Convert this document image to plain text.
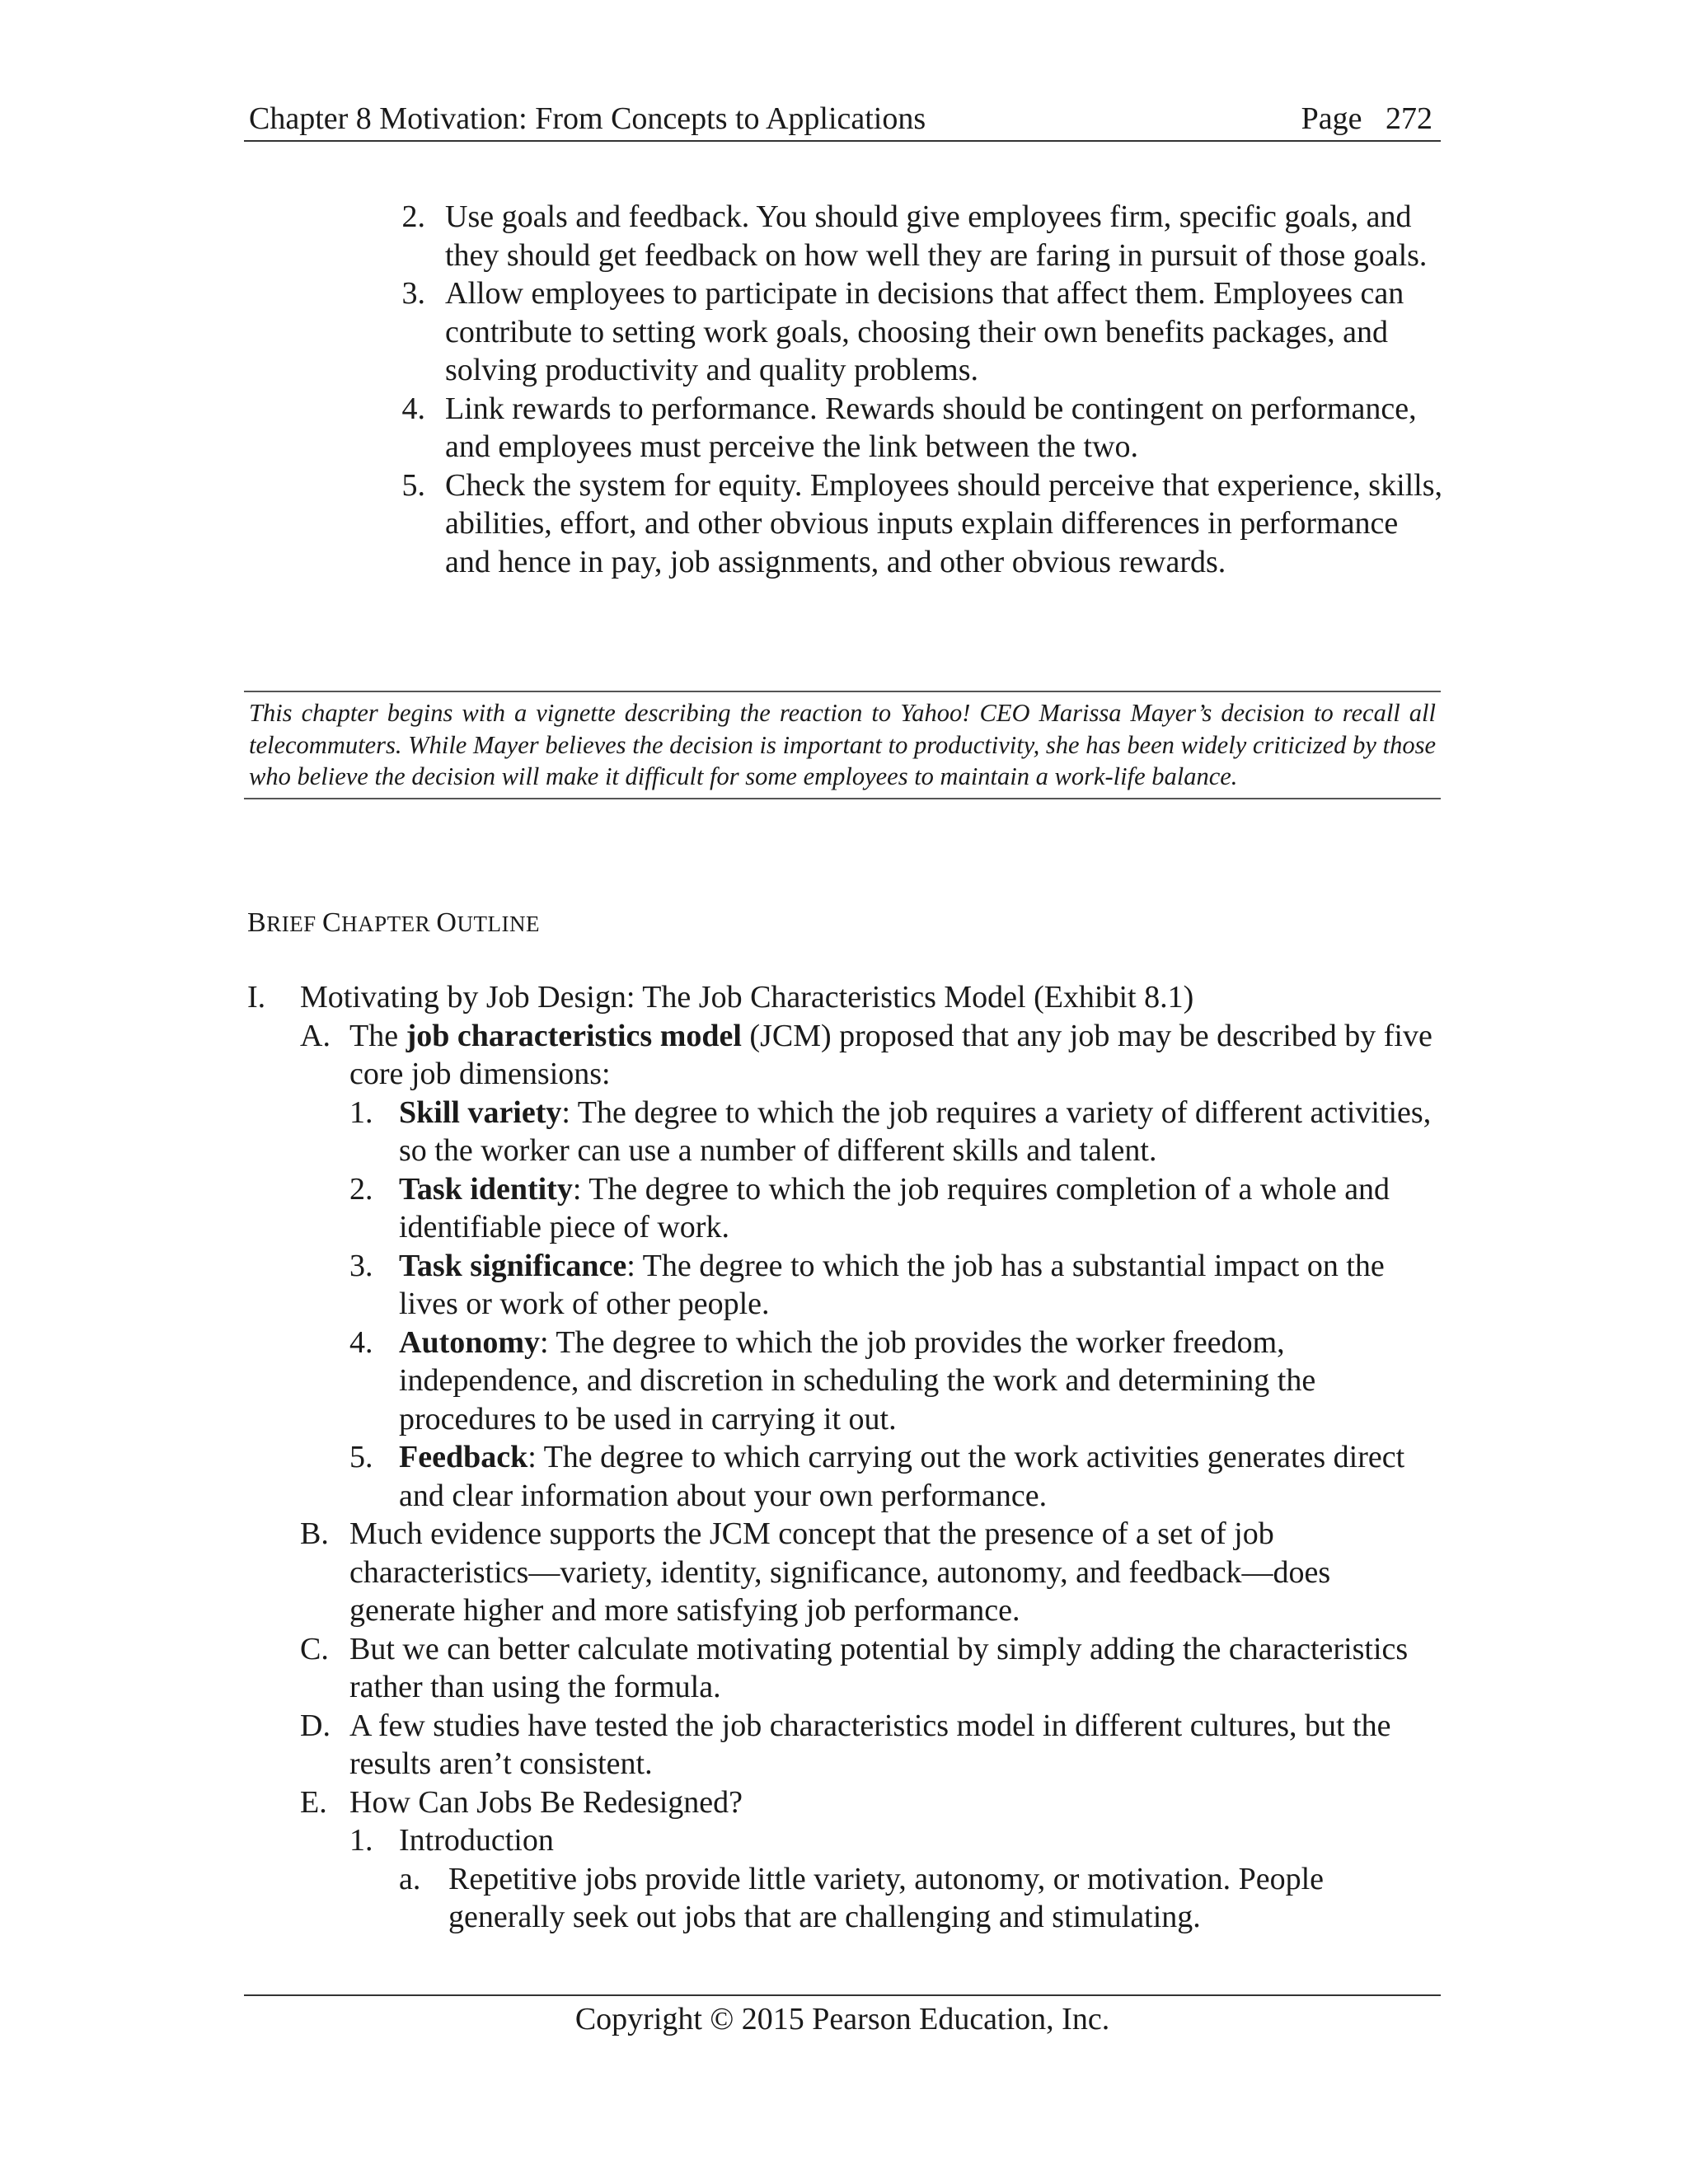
Chapter 8 Motivation: From Concepts to Applications	Page   272
2. Use goals and feedback. You should give employees firm, specific goals, and they should get feedback on how well they are faring in pursuit of those goals.
3. Allow employees to participate in decisions that affect them. Employees can contribute to setting work goals, choosing their own benefits packages, and solving productivity and quality problems.
4. Link rewards to performance. Rewards should be contingent on performance, and employees must perceive the link between the two.
5. Check the system for equity. Employees should perceive that experience, skills, abilities, effort, and other obvious inputs explain differences in performance and hence in pay, job assignments, and other obvious rewards.
This chapter begins with a vignette describing the reaction to Yahoo! CEO Marissa Mayer’s decision to recall all telecommuters. While Mayer believes the decision is important to productivity, she has been widely criticized by those who believe the decision will make it difficult for some employees to maintain a work-life balance.
BRIEF CHAPTER OUTLINE
I. Motivating by Job Design: The Job Characteristics Model (Exhibit 8.1)
A. The job characteristics model (JCM) proposed that any job may be described by five core job dimensions:
1. Skill variety: The degree to which the job requires a variety of different activities, so the worker can use a number of different skills and talent.
2. Task identity: The degree to which the job requires completion of a whole and identifiable piece of work.
3. Task significance: The degree to which the job has a substantial impact on the lives or work of other people.
4. Autonomy: The degree to which the job provides the worker freedom, independence, and discretion in scheduling the work and determining the procedures to be used in carrying it out.
5. Feedback: The degree to which carrying out the work activities generates direct and clear information about your own performance.
B. Much evidence supports the JCM concept that the presence of a set of job characteristics—variety, identity, significance, autonomy, and feedback—does generate higher and more satisfying job performance.
C. But we can better calculate motivating potential by simply adding the characteristics rather than using the formula.
D. A few studies have tested the job characteristics model in different cultures, but the results aren’t consistent.
E. How Can Jobs Be Redesigned?
1. Introduction
a. Repetitive jobs provide little variety, autonomy, or motivation. People generally seek out jobs that are challenging and stimulating.
Copyright © 2015 Pearson Education, Inc.
